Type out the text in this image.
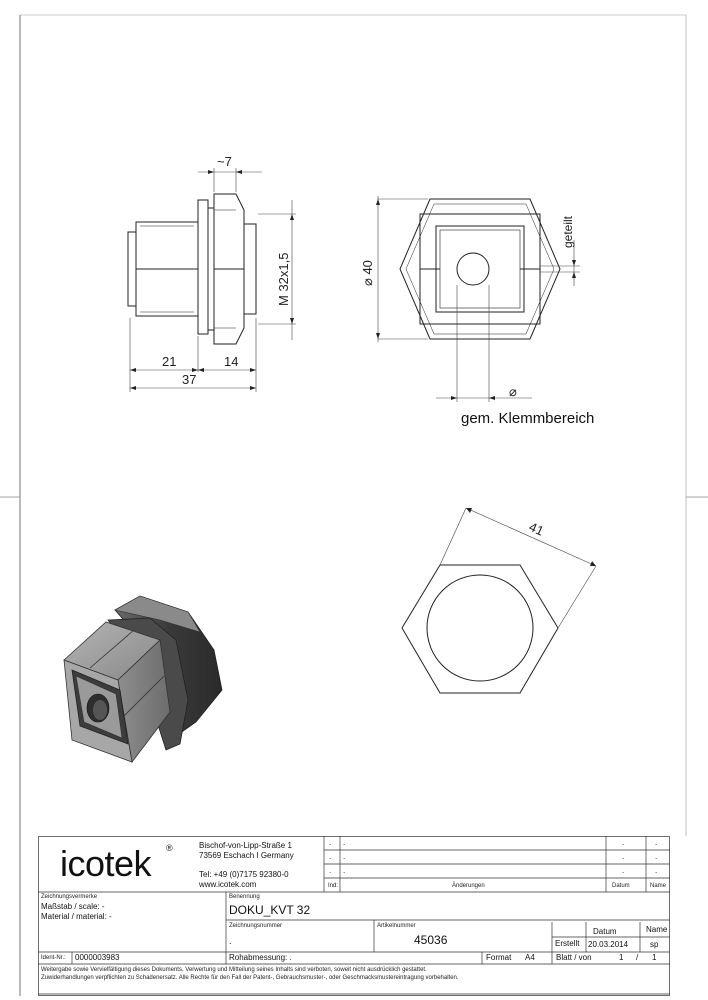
~7
21	14
37
M 32x1,5	⌀ 40
geteilt
⌀
gem. Klemmbereich
41
icotek ®	Bischof-von-Lipp-Straße 1
73569 Eschach I Germany
Tel: +49 (0)7175 92380-0
www.icotek.com
. .	.	.
. .	.	.
. .	.	.
Ind:	Änderungen	Datum	Name
Zeichnungsvermerke
Maßstab / scale: -
Material / material: -
Benennung
DOKU_KVT 32
Zeichnungsnummer
.
Artikelnummer
45036
Datum	Name
Erstellt 20.03.2014	sp
Ident-Nr.: 0000003983	Rohabmessung: .	Format A4	Blatt / von	1 / 1
Weitergabe sowie Vervielfältigung dieses Dokuments, Verwertung und Mitteilung seines Inhalts sind verboten, soweit nicht ausdrücklich gestattet.
Zuwiderhandlungen verpflichten zu Schadenersatz. Alle Rechte für den Fall der Patent-, Gebrauchsmuster-, oder Geschmacksmustereintragung vorbehalten.
